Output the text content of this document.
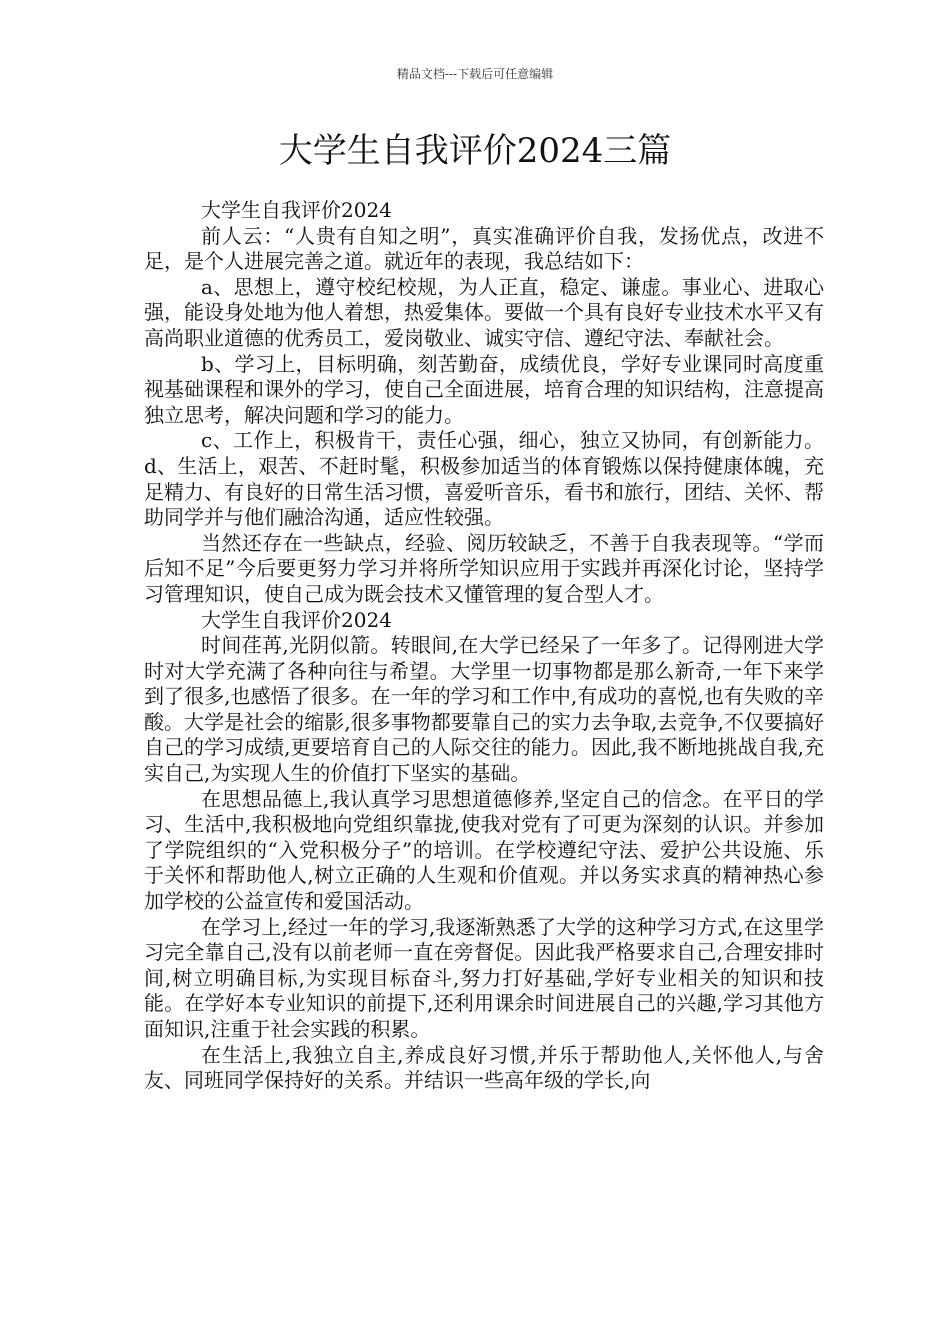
精品文档---下载后可任意编辑
大学生自我评价2024三篇

大学生自我评价2024

前人云：“人贵有自知之明”，真实准确评价自我，发扬优点，改进不足，是个人进展完善之道。就近年的表现，我总结如下：

a、思想上，遵守校纪校规，为人正直，稳定、谦虚。事业心、进取心强，能设身处地为他人着想，热爱集体。要做一个具有良好专业技术水平又有高尚职业道德的优秀员工，爱岗敬业、诚实守信、遵纪守法、奉献社会。

b、学习上，目标明确，刻苦勤奋，成绩优良，学好专业课同时高度重视基础课程和课外的学习，使自己全面进展，培育合理的知识结构，注意提高独立思考，解决问题和学习的能力。

c、工作上，积极肯干，责任心强，细心，独立又协同，有创新能力。d、生活上，艰苦、不赶时髦，积极参加适当的体育锻炼以保持健康体魄，充足精力、有良好的日常生活习惯，喜爱听音乐，看书和旅行，团结、关怀、帮助同学并与他们融洽沟通，适应性较强。

当然还存在一些缺点，经验、阅历较缺乏，不善于自我表现等。“学而后知不足”今后要更努力学习并将所学知识应用于实践并再深化讨论，坚持学习管理知识，使自己成为既会技术又懂管理的复合型人才。

大学生自我评价2024

时间荏苒,光阴似箭。转眼间,在大学已经呆了一年多了。记得刚进大学时对大学充满了各种向往与希望。大学里一切事物都是那么新奇,一年下来学到了很多,也感悟了很多。在一年的学习和工作中,有成功的喜悦,也有失败的辛酸。大学是社会的缩影,很多事物都要靠自己的实力去争取,去竞争,不仅要搞好自己的学习成绩,更要培育自己的人际交往的能力。因此,我不断地挑战自我,充实自己,为实现人生的价值打下坚实的基础。

在思想品德上,我认真学习思想道德修养,坚定自己的信念。在平日的学习、生活中,我积极地向党组织靠拢,使我对党有了可更为深刻的认识。并参加了学院组织的“入党积极分子”的培训。在学校遵纪守法、爱护公共设施、乐于关怀和帮助他人,树立正确的人生观和价值观。并以务实求真的精神热心参加学校的公益宣传和爱国活动。

在学习上,经过一年的学习,我逐渐熟悉了大学的这种学习方式,在这里学习完全靠自己,没有以前老师一直在旁督促。因此我严格要求自己,合理安排时间,树立明确目标,为实现目标奋斗,努力打好基础,学好专业相关的知识和技能。在学好本专业知识的前提下,还利用课余时间进展自己的兴趣,学习其他方面知识,注重于社会实践的积累。

在生活上,我独立自主,养成良好习惯,并乐于帮助他人,关怀他人,与舍友、同班同学保持好的关系。并结识一些高年级的学长,向
